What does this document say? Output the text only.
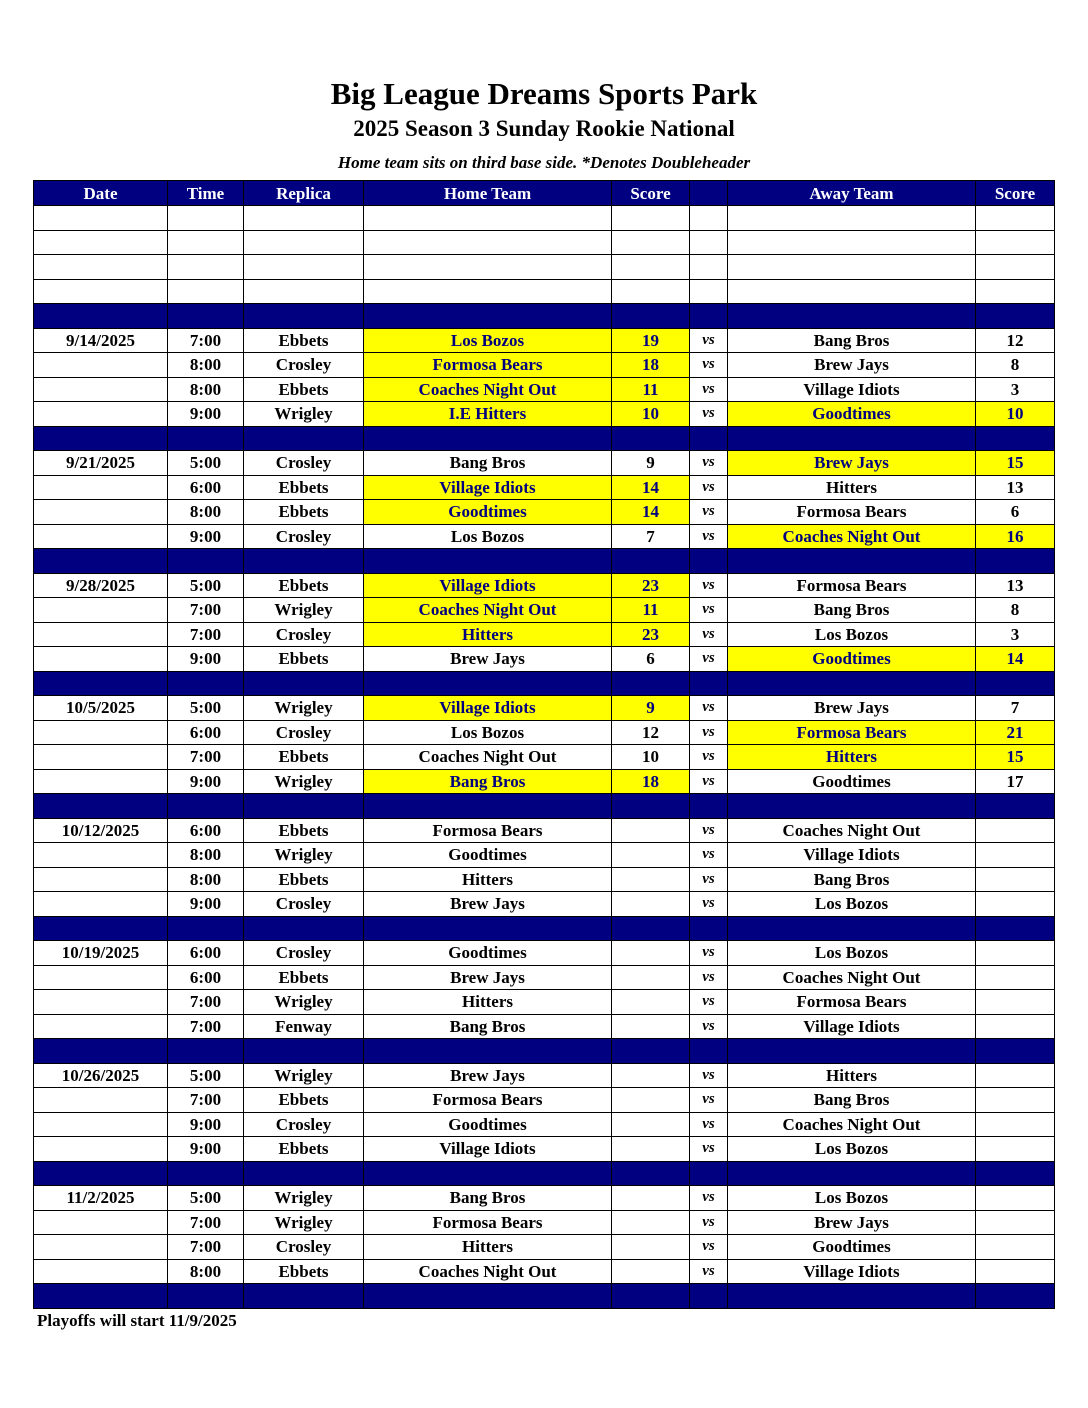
Big League Dreams Sports Park
2025 Season 3 Sunday Rookie National
Home team sits on third base side. *Denotes Doubleheader
Date	Time	Replica	Home Team	Score		Away Team	Score

9/14/2025	7:00	Ebbets	Los Bozos	19	vs	Bang Bros	12
	8:00	Crosley	Formosa Bears	18	vs	Brew Jays	8
	8:00	Ebbets	Coaches Night Out	11	vs	Village Idiots	3
	9:00	Wrigley	I.E Hitters	10	vs	Goodtimes	10

9/21/2025	5:00	Crosley	Bang Bros	9	vs	Brew Jays	15
	6:00	Ebbets	Village Idiots	14	vs	Hitters	13
	8:00	Ebbets	Goodtimes	14	vs	Formosa Bears	6
	9:00	Crosley	Los Bozos	7	vs	Coaches Night Out	16

9/28/2025	5:00	Ebbets	Village Idiots	23	vs	Formosa Bears	13
	7:00	Wrigley	Coaches Night Out	11	vs	Bang Bros	8
	7:00	Crosley	Hitters	23	vs	Los Bozos	3
	9:00	Ebbets	Brew Jays	6	vs	Goodtimes	14

10/5/2025	5:00	Wrigley	Village Idiots	9	vs	Brew Jays	7
	6:00	Crosley	Los Bozos	12	vs	Formosa Bears	21
	7:00	Ebbets	Coaches Night Out	10	vs	Hitters	15
	9:00	Wrigley	Bang Bros	18	vs	Goodtimes	17

10/12/2025	6:00	Ebbets	Formosa Bears		vs	Coaches Night Out	
	8:00	Wrigley	Goodtimes		vs	Village Idiots	
	8:00	Ebbets	Hitters		vs	Bang Bros	
	9:00	Crosley	Brew Jays		vs	Los Bozos	

10/19/2025	6:00	Crosley	Goodtimes		vs	Los Bozos	
	6:00	Ebbets	Brew Jays		vs	Coaches Night Out	
	7:00	Wrigley	Hitters		vs	Formosa Bears	
	7:00	Fenway	Bang Bros		vs	Village Idiots	

10/26/2025	5:00	Wrigley	Brew Jays		vs	Hitters	
	7:00	Ebbets	Formosa Bears		vs	Bang Bros	
	9:00	Crosley	Goodtimes		vs	Coaches Night Out	
	9:00	Ebbets	Village Idiots		vs	Los Bozos	

11/2/2025	5:00	Wrigley	Bang Bros		vs	Los Bozos	
	7:00	Wrigley	Formosa Bears		vs	Brew Jays	
	7:00	Crosley	Hitters		vs	Goodtimes	
	8:00	Ebbets	Coaches Night Out		vs	Village Idiots	

Playoffs will start 11/9/2025
